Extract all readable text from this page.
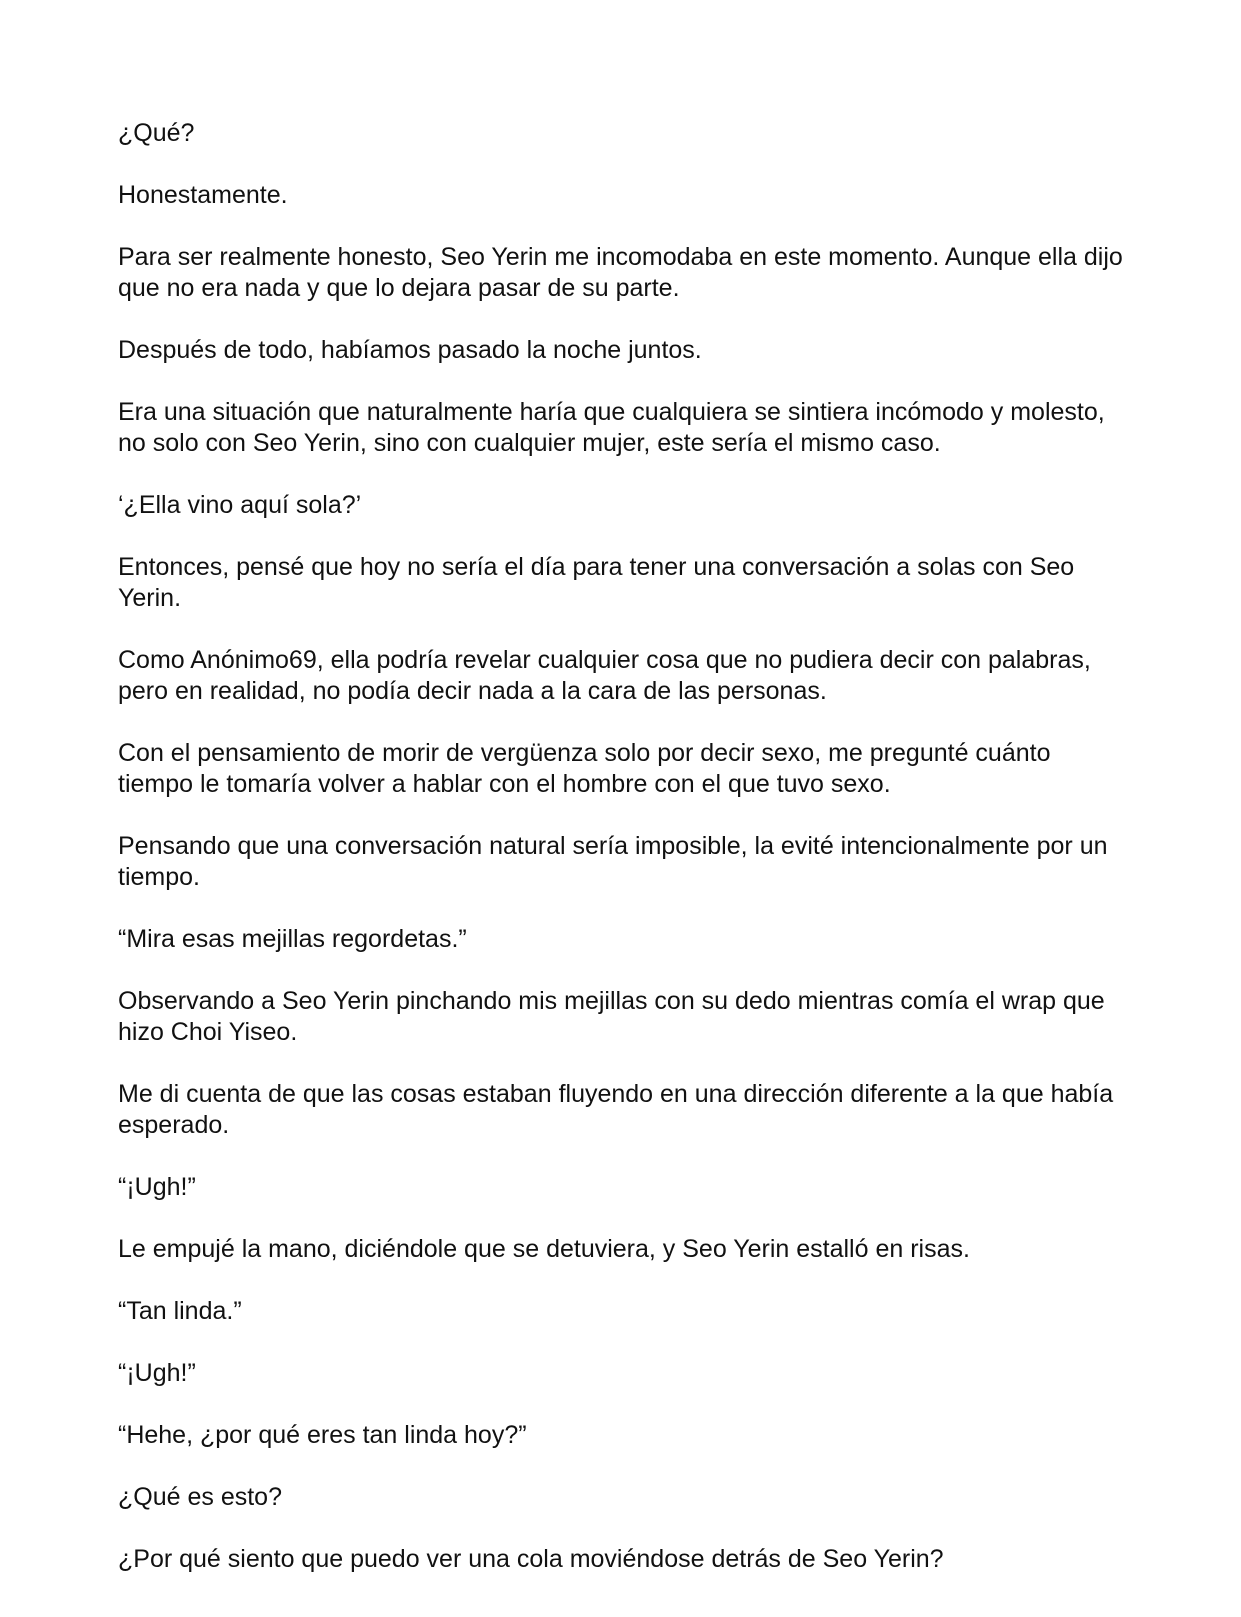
¿Qué?

Honestamente.

Para ser realmente honesto, Seo Yerin me incomodaba en este momento. Aunque ella dijo que no era nada y que lo dejara pasar de su parte.

Después de todo, habíamos pasado la noche juntos.

Era una situación que naturalmente haría que cualquiera se sintiera incómodo y molesto, no solo con Seo Yerin, sino con cualquier mujer, este sería el mismo caso.

‘¿Ella vino aquí sola?’

Entonces, pensé que hoy no sería el día para tener una conversación a solas con Seo Yerin.

Como Anónimo69, ella podría revelar cualquier cosa que no pudiera decir con palabras, pero en realidad, no podía decir nada a la cara de las personas.

Con el pensamiento de morir de vergüenza solo por decir sexo, me pregunté cuánto tiempo le tomaría volver a hablar con el hombre con el que tuvo sexo.

Pensando que una conversación natural sería imposible, la evité intencionalmente por un tiempo.

“Mira esas mejillas regordetas.”

Observando a Seo Yerin pinchando mis mejillas con su dedo mientras comía el wrap que hizo Choi Yiseo.

Me di cuenta de que las cosas estaban fluyendo en una dirección diferente a la que había esperado.

“¡Ugh!”

Le empujé la mano, diciéndole que se detuviera, y Seo Yerin estalló en risas.

“Tan linda.”

“¡Ugh!”

“Hehe, ¿por qué eres tan linda hoy?”

¿Qué es esto?

¿Por qué siento que puedo ver una cola moviéndose detrás de Seo Yerin?
